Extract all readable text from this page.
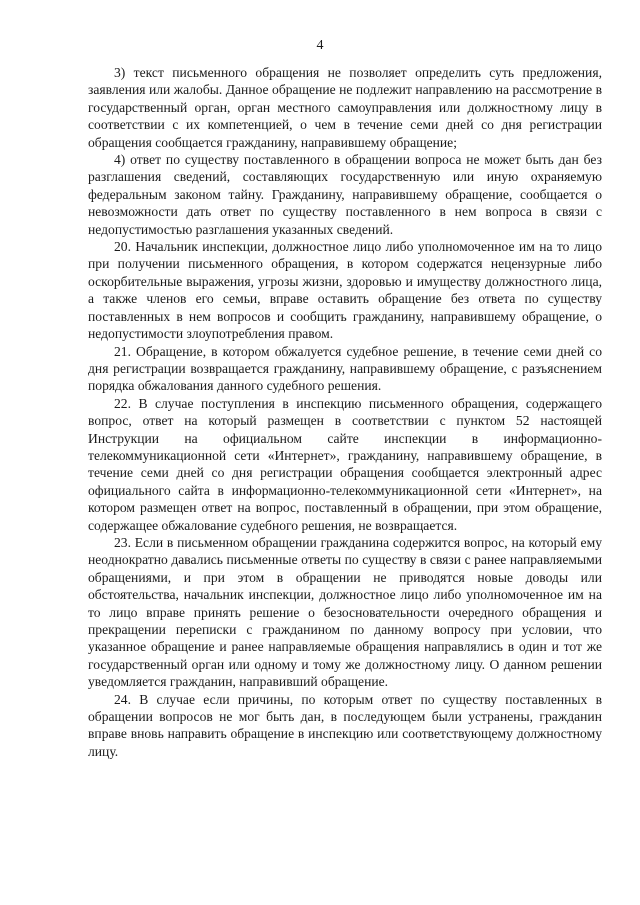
4

3) текст письменного обращения не позволяет определить суть предложения, заявления или жалобы. Данное обращение не подлежит направлению на рассмотрение в государственный орган, орган местного самоуправления или должностному лицу в соответствии с их компетенцией, о чем в течение семи дней со дня регистрации обращения сообщается гражданину, направившему обращение;

4) ответ по существу поставленного в обращении вопроса не может быть дан без разглашения сведений, составляющих государственную или иную охраняемую федеральным законом тайну. Гражданину, направившему обращение, сообщается о невозможности дать ответ по существу поставленного в нем вопроса в связи с недопустимостью разглашения указанных сведений.

20. Начальник инспекции, должностное лицо либо уполномоченное им на то лицо при получении письменного обращения, в котором содержатся нецензурные либо оскорбительные выражения, угрозы жизни, здоровью и имуществу должностного лица, а также членов его семьи, вправе оставить обращение без ответа по существу поставленных в нем вопросов и сообщить гражданину, направившему обращение, о недопустимости злоупотребления правом.

21. Обращение, в котором обжалуется судебное решение, в течение семи дней со дня регистрации возвращается гражданину, направившему обращение, с разъяснением порядка обжалования данного судебного решения.

22. В случае поступления в инспекцию письменного обращения, содержащего вопрос, ответ на который размещен в соответствии с пунктом 52 настоящей Инструкции на официальном сайте инспекции в информационно-телекоммуникационной сети «Интернет», гражданину, направившему обращение, в течение семи дней со дня регистрации обращения сообщается электронный адрес официального сайта в информационно-телекоммуникационной сети «Интернет», на котором размещен ответ на вопрос, поставленный в обращении, при этом обращение, содержащее обжалование судебного решения, не возвращается.

23. Если в письменном обращении гражданина содержится вопрос, на который ему неоднократно давались письменные ответы по существу в связи с ранее направляемыми обращениями, и при этом в обращении не приводятся новые доводы или обстоятельства, начальник инспекции, должностное лицо либо уполномоченное им на то лицо вправе принять решение о безосновательности очередного обращения и прекращении переписки с гражданином по данному вопросу при условии, что указанное обращение и ранее направляемые обращения направлялись в один и тот же государственный орган или одному и тому же должностному лицу. О данном решении уведомляется гражданин, направивший обращение.

24. В случае если причины, по которым ответ по существу поставленных в обращении вопросов не мог быть дан, в последующем были устранены, гражданин вправе вновь направить обращение в инспекцию или соответствующему должностному лицу.
